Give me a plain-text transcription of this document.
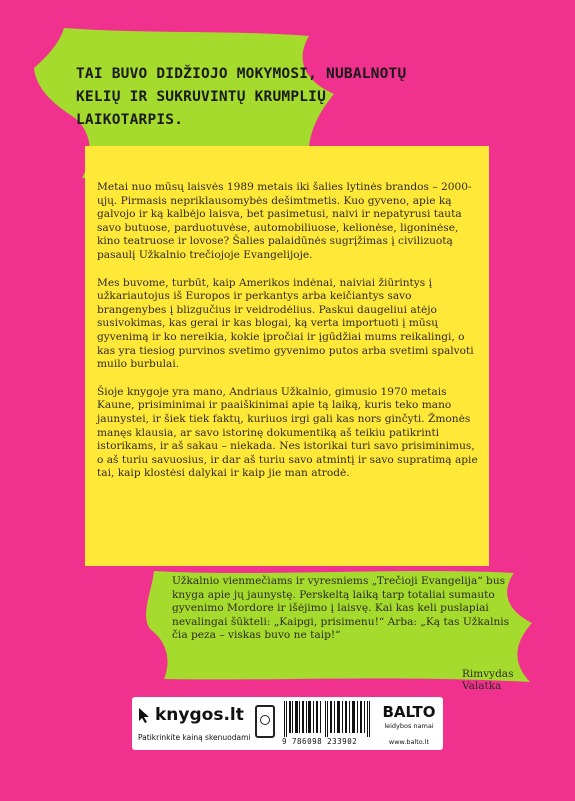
Metai nuo mūsų laisvės 1989 metais iki šalies lytinės brandos – 2000-ųjų. Pirmasis nepriklausomybės dešimtmetis. Kuo gyveno, apie ką galvojo ir ką kalbėjo laisva, bet pasimetusi, naivi ir nepatyrusi tauta savo butuose, parduotuvėse, automobiliuose, kelionėse, ligoninėse, kino teatruose ir lovose? Šalies palaidūnės sugrįžimas į civilizuotą pasaulį Užkalnio trečiojoje Evangelijoje.

Mes buvome, turbūt, kaip Amerikos indėnai, naiviai žiūrintys į užkariautojus iš Europos ir perkantys arba keičiantys savo brangenybes į blizgučius ir veidrodėlius. Paskui daugeliui atėjo susivokimas, kas gerai ir kas blogai, ką verta importuoti į mūsų gyvenimą ir ko nereikia, kokie įpročiai ir įgūdžiai mums reikalingi, o kas yra tiesiog purvinos svetimo gyvenimo putos arba svetimi spalvoti muilo burbulai.

Šioje knygoje yra mano, Andriaus Užkalnio, gimusio 1970 metais Kaune, prisiminimai ir paaiškinimai apie tą laiką, kuris teko mano jaunystei, ir šiek tiek faktų, kuriuos irgi gali kas nors ginčyti. Žmonės manęs klausia, ar savo istorinę dokumentiką aš teikiu patikrinti istorikams, ir aš sakau – niekada. Nes istorikai turi savo prisiminimus, o aš turiu savuosius, ir dar aš turiu savo atmintį ir savo supratimą apie tai, kaip klostėsi dalykai ir kaip jie man atrodė.

TAI BUVO DIDŽIOJO MOKYMOSI, NUBALNOTŲ KELIŲ IR SUKRUVINTŲ KRUMPLIŲ LAIKOTARPIS.
Užkalnio vienmečiams ir vyresniems „Trečioji Evangelija“ bus knyga apie jų jaunystę. Perskeltą laiką tarp totaliai sumauto gyvenimo Mordore ir išėjimo į laisvę. Kai kas keli puslapiai nevalingai šūkteli: „Kaipgi, prisimenu!“ Arba: „Ką tas Užkalnis čia peza – viskas buvo ne taip!“
Rimvydas Valatka
knygos.lt
Patikrinkite kainą skenuodami	9 786098 233902
BALTO
leidybos namai
www.balto.lt
